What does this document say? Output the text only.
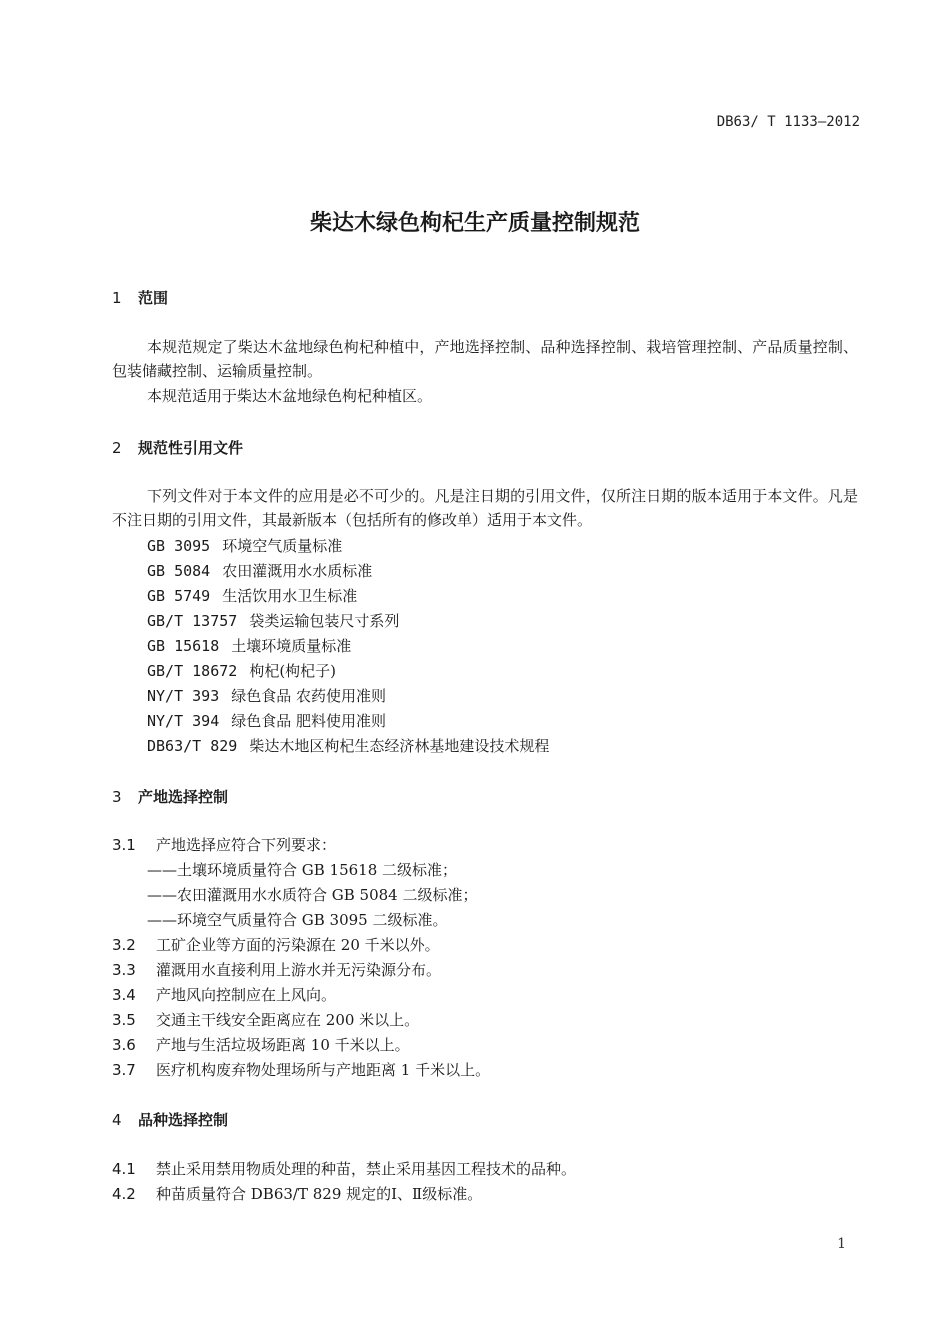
DB63/ T 1133—2012
柴达木绿色枸杞生产质量控制规范
1 范围
本规范规定了柴达木盆地绿色枸杞种植中，产地选择控制、品种选择控制、栽培管理控制、产品质量控制、包装储藏控制、运输质量控制。
本规范适用于柴达木盆地绿色枸杞种植区。
2 规范性引用文件
下列文件对于本文件的应用是必不可少的。凡是注日期的引用文件，仅所注日期的版本适用于本文件。凡是不注日期的引用文件，其最新版本（包括所有的修改单）适用于本文件。
GB 3095 环境空气质量标准
GB 5084 农田灌溉用水水质标准
GB 5749 生活饮用水卫生标准
GB/T 13757 袋类运输包装尺寸系列
GB 15618 土壤环境质量标准
GB/T 18672 枸杞(枸杞子)
NY/T 393 绿色食品 农药使用准则
NY/T 394 绿色食品 肥料使用准则
DB63/T 829 柴达木地区枸杞生态经济林基地建设技术规程
3 产地选择控制
3.1 产地选择应符合下列要求：
——土壤环境质量符合 GB 15618 二级标准；
——农田灌溉用水水质符合 GB 5084 二级标准；
——环境空气质量符合 GB 3095 二级标准。
3.2 工矿企业等方面的污染源在 20 千米以外。
3.3 灌溉用水直接利用上游水并无污染源分布。
3.4 产地风向控制应在上风向。
3.5 交通主干线安全距离应在 200 米以上。
3.6 产地与生活垃圾场距离 10 千米以上。
3.7 医疗机构废弃物处理场所与产地距离 1 千米以上。
4 品种选择控制
4.1 禁止采用禁用物质处理的种苗，禁止采用基因工程技术的品种。
4.2 种苗质量符合 DB63/T 829 规定的Ⅰ、Ⅱ级标准。
1
